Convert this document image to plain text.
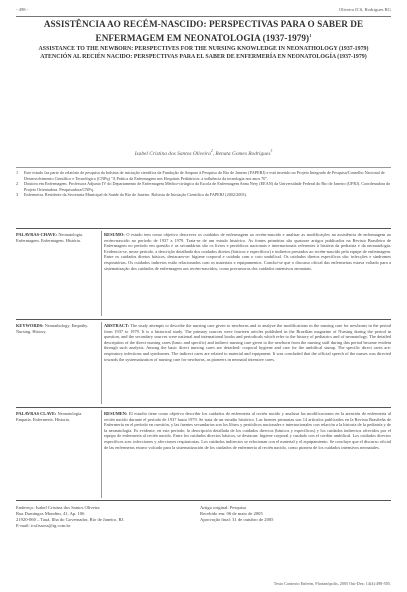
- 498 -	Oliveira ICS, Rodrigues RG
ASSISTÊNCIA AO RECÉM-NASCIDO: PERSPECTIVAS PARA O SABER DE ENFERMAGEM EM NEONATOLOGIA (1937-1979)$^1$
ASSISTANCE TO THE NEWBORN: PERSPECTIVES FOR THE NURSING KNOWLEDGE IN NEONATHOLOGY (1937-1979)
ATENCIÓN AL RECIÉN NACIDO: PERSPECTIVAS PARA EL SABER DE ENFERMERÍA EN NEONATOLOGÍA (1937-1979)
Isabel Cristina dos Santos Oliveira$^2$, Renata Gomes Rodrigues$^3$
1 Este estudo faz parte do relatório de pesquisa da bolsista de iniciação científica da Fundação de Amparo à Pesquisa do Rio de Janeiro (FAPERJ) e está inserido no Projeto Integrado de Pesquisa/Conselho Nacional de Desenvolvimento Científico e Tecnológico (CNPq) "A Prática da Enfermagem nos Hospitais Pediátricos: a influência da tecnologia nos anos 70".
2 Doutora em Enfermagem. Professora Adjunto IV do Departamento de Enfermagem Médico-cirúrgica da Escola de Enfermagem Anna Nery (EEAN) da Universidade Federal do Rio de Janeiro (UFRJ). Coordenadora do Projeto Orientadora. Pesquisadora/CNPq.
3 Enfermeira. Residente da Secretaria Municipal de Saúde do Rio de Janeiro. Bolsista de Iniciação Científica da FAPERJ (2002/2003).
PALAVRAS-CHAVE: Neonatologia. Enfermagem. Enfermagem. História.
RESUMO: O estudo tem como objetivo descrever os cuidados de enfermagem ao recém-nascido e analisar as modificações na assistência de enfermagem ao recém-nascido no período de 1937 a 1979. Trata-se de um estudo histórico. As fontes primárias são quatorze artigos publicados na Revista Brasileira de Enfermagem no período em questão e as secundárias são os livros e periódicos nacionais e internacionais referentes à história da pediatria e da neonatologia. Evidencia-se, nesse período, a descrição detalhada dos cuidados diretos (básicos e específicos) e indiretos prestados ao recém-nascido pela equipe de enfermagem. Entre os cuidados diretos básicos, destacam-se: higiene corporal e cuidado com o coto umbilical. Os cuidados diretos específicos são: infecções e síndromes respiratórias. Os cuidados indiretos estão relacionados com os materiais e equipamentos. Conclui-se que o discurso oficial das enfermeiras estava voltado para a sistematização dos cuidados de enfermagem aos recém-nascidos, como precursoras dos cuidados intensivos neonatais.
KEYWORDS: Neonathology. Empathy. Nursing. History.
ABSTRACT: The study attempts to describe the nursing care given to newborns and to analyze the modifications in the nursing care for newborns in the period from 1937 to 1979. It is a historical study. The primary sources were fourteen articles published in the Brazilian magazine of Nursing during the period in question, and the secondary sources were national and international books and periodicals which refer to the history of pediatrics and of neonatology. The detailed description of the direct nursing cares (basic and specific) and indirect nursing care given to the newborn from the nursing staff during this period became evident through such analysis. Among the basic direct nursing cares are detached: corporal hygiene and care for the umbilical stump. The specific direct cares are: respiratory infections and syndromes. The indirect cares are related to material and equipment. It was concluded that the official speech of the nurses was directed towards the systematization of nursing care for newborns, as pioneers in neonatal intensive cares.
PALAVRAS CLAVE: Neonatología. Empatía. Enfermería. Historia.
RESUMEN: El estudio tiene como objetivo describir los cuidados de enfermería al recién nacido y analizar las modificaciones en la atención de enfermería al recién nacido durante el período de 1937 hasta 1979. Se trata de un estudio histórico. Las fuentes primarias son 14 artículos publicados en la Revista Brasileña de Enfermería en el período en cuestión, y las fuentes secundarias son los libros y periódicos nacionales e internacionales con relación a la historia de la pediatría y de la neonatología. Es evidente, en este período, la descripción detallada de los cuidados directos (básicos y específicos) y los cuidados indirectos ofrecidos por el equipo de enfermería al recién nacido. Entre los cuidados directos básicos, se destacan: higiene corporal y cuidado con el cordón umbilical. Los cuidados directos específicos son: infecciones y afecciones respiratorias. Los cuidados indirectos se relacionan con el material y el equipamiento. Se concluye que el discurso oficial de las enfermeras estuvo volcado para la sistematización de los cuidados de enfermería al recién nacido, como pionera de los cuidados intensivos neonatales.
Endereço: Isabel Cristina dos Santos Oliveira
Rua Domingos Mondim, 41, Ap. 106
21920-060 – Tauá, Ilha do Governador, Rio de Janeiro, RJ.
E-mail: icsfisaoss@ig.com.br
Artigo original: Pesquisa
Recebido em: 06 de maio de 2005
Aprovação final: 31 de outubro de 2005
Texto Contexto Enferm, Florianópolis, 2005 Out-Dez; 14(4):498-505.
